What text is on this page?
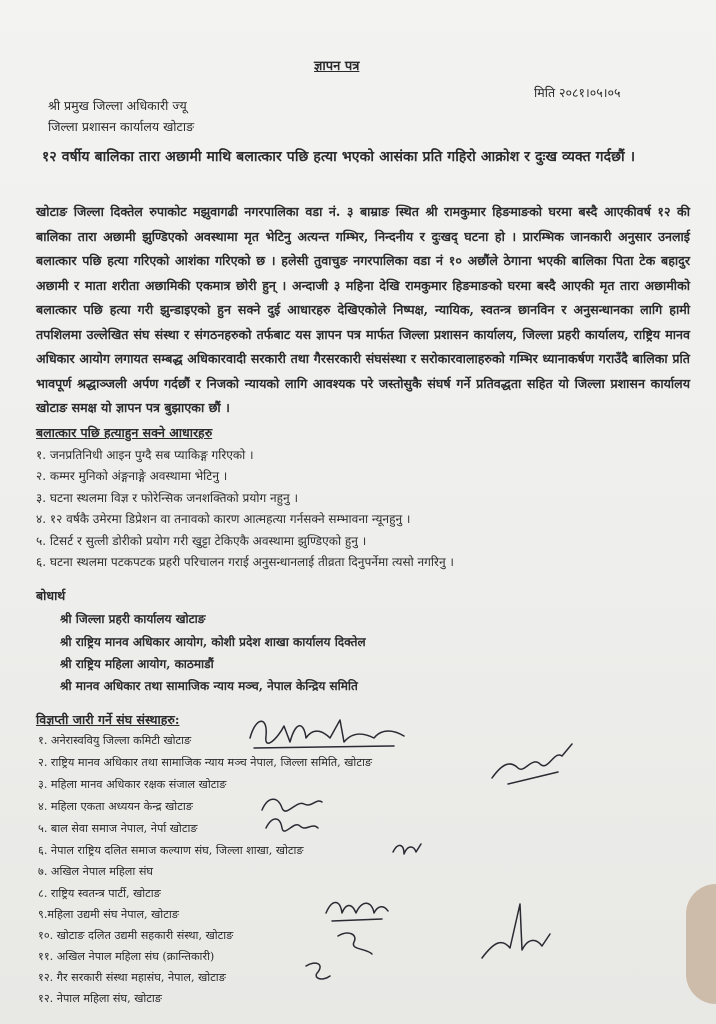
ज्ञापन पत्र
मिति २०८१।०५।०५
श्री प्रमुख जिल्ला अधिकारी ज्यू
जिल्ला प्रशासन कार्यालय खोटाङ
१२ वर्षीय बालिका तारा अछामी माथि बलात्कार पछि हत्या भएको आसंका प्रति गहिरो आक्रोश र दुःख व्यक्त गर्दछौं ।
खोटाङ जिल्ला दिक्तेल रुपाकोट मझुवागढी नगरपालिका वडा नं. ३ बाम्राङ स्थित श्री रामकुमार हिङमाङको घरमा बस्दै आएकीवर्ष १२ की बालिका तारा अछामी झुण्डिएको अवस्थामा मृत भेटिनु अत्यन्त गम्भिर, निन्दनीय र दुःखद् घटना हो । प्रारम्भिक जानकारी अनुसार उनलाई बलात्कार पछि हत्या गरिएको आशंका गरिएको छ । हलेसी तुवाचुङ नगरपालिका वडा नं १० अछौंले ठेगाना भएकी बालिका पिता टेक बहादुर अछामी र माता शरीता अछामिकी एकमात्र छोरी हुन् । अन्दाजी ३ महिना देखि रामकुमार हिङमाङको घरमा बस्दै आएकी मृत तारा अछामीको बलात्कार पछि हत्या गरी झुन्डाइएको हुन सक्ने दुई आधारहरु देखिएकोले निष्पक्ष, न्यायिक, स्वतन्त्र छानविन र अनुसन्धानका लागि हामी तपशिलमा उल्लेखित संघ संस्था र संगठनहरुको तर्फबाट यस ज्ञापन पत्र मार्फत जिल्ला प्रशासन कार्यालय, जिल्ला प्रहरी कार्यालय, राष्ट्रिय मानव अधिकार आयोग लगायत सम्बद्ध अधिकारवादी सरकारी तथा गैरसरकारी संघसंस्था र सरोकारवालाहरुको गम्भिर ध्यानाकर्षण गराउँदै बालिका प्रति भावपूर्ण श्रद्धाञ्जली अर्पण गर्दछौं र निजको न्यायको लागि आवश्यक परे जस्तोसुकै संघर्ष गर्ने प्रतिवद्धता सहित यो जिल्ला प्रशासन कार्यालय खोटाङ समक्ष यो ज्ञापन पत्र बुझाएका छौं ।
बलात्कार पछि हत्याहुन सक्ने आधारहरु
१. जनप्रतिनिधी आइन पुग्दै सब प्याकिङ्ग गरिएको ।
२. कम्मर मुनिको अंङ्गनाङ्गे अवस्थामा भेटिनु ।
३. घटना स्थलमा विज्ञ र फोरेन्सिक जनशक्तिको प्रयोग नहुनु ।
४. १२ वर्षकै उमेरमा डिप्रेशन वा तनावको कारण आत्महत्या गर्नसक्ने सम्भावना न्यूनहुनु ।
५. टिसर्ट र सुत्ली डोरीको प्रयोग गरी खुट्टा टेकिएकै अवस्थामा झुण्डिएको हुनु ।
६. घटना स्थलमा पटकपटक प्रहरी परिचालन गराई अनुसन्धानलाई तीव्रता दिनुपर्नेमा त्यसो नगरिनु ।
बोधार्थ
श्री जिल्ला प्रहरी कार्यालय खोटाङ
श्री राष्ट्रिय मानव अधिकार आयोग, कोशी प्रदेश शाखा कार्यालय दिक्तेल
श्री राष्ट्रिय महिला आयोग, काठमाडौं
श्री मानव अधिकार तथा सामाजिक न्याय मञ्च, नेपाल केन्द्रिय समिति
विज्ञप्ती जारी गर्ने संघ संस्थाहरु:
१. अनेरास्ववियु जिल्ला कमिटी खोटाङ
२. राष्ट्रिय मानव अधिकार तथा सामाजिक न्याय मञ्च नेपाल, जिल्ला समिति, खोटाङ
३. महिला मानव अधिकार रक्षक संजाल खोटाङ
४. महिला एकता अध्ययन केन्द्र खोटाङ
५. बाल सेवा समाज नेपाल, नेर्पा खोटाङ
६. नेपाल राष्ट्रिय दलित समाज कल्याण संघ, जिल्ला शाखा, खोटाङ
७. अखिल नेपाल महिला संघ
८. राष्ट्रिय स्वतन्त्र पार्टी, खोटाङ
९.महिला उद्यमी संघ नेपाल, खोटाङ
१०. खोटाङ दलित उद्यमी सहकारी संस्था, खोटाङ
११. अखिल नेपाल महिला संघ (क्रान्तिकारी)
१२. गैर सरकारी संस्था महासंघ, नेपाल, खोटाङ
१२. नेपाल महिला संघ, खोटाङ
